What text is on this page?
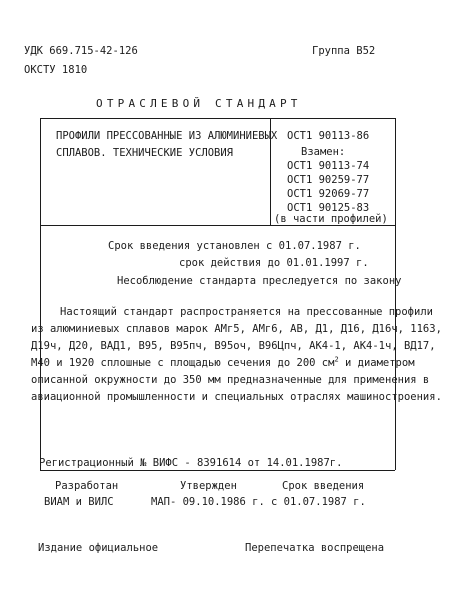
УДК 669.715-42-126	Группа В52
ОКСТУ 1810
ОТРАСЛЕВОЙ СТАНДАРТ
ПРОФИЛИ ПРЕССОВАННЫЕ ИЗ АЛЮМИНИЕВЫХ
СПЛАВОВ. ТЕХНИЧЕСКИЕ УСЛОВИЯ
ОСТ1 90113-86
Взамен:
ОСТ1 90113-74
ОСТ1 90259-77
ОСТ1 92069-77
ОСТ1 90125-83
(в части профилей)
Срок введения установлен с 01.07.1987 г.
срок действия до 01.01.1997 г.
Несоблюдение стандарта преследуется по закону
Настоящий стандарт распространяется на прессованные профили
из алюминиевых сплавов марок АМг5, АМг6, АВ, Д1, Д16, Д16ч, 1163,
Д19ч, Д20, ВАД1, В95, В95пч, В95оч, В96Цпч, АК4-1, АК4-1ч, ВД17,
М40 и 1920 сплошные с площадью сечения до 200 $см^2$ и диаметром
описанной окружности до 350 мм предназначенные для применения в
авиационной промышленности и специальных отраслях машиностроения.
Регистрационный № ВИФС - 8391614 от 14.01.1987г.
Разработан
ВИАМ и ВИЛС
Утвержден
МАП- 09.10.1986 г.
Срок введения
с 01.07.1987 г.
Издание официальное	Перепечатка воспрещена
